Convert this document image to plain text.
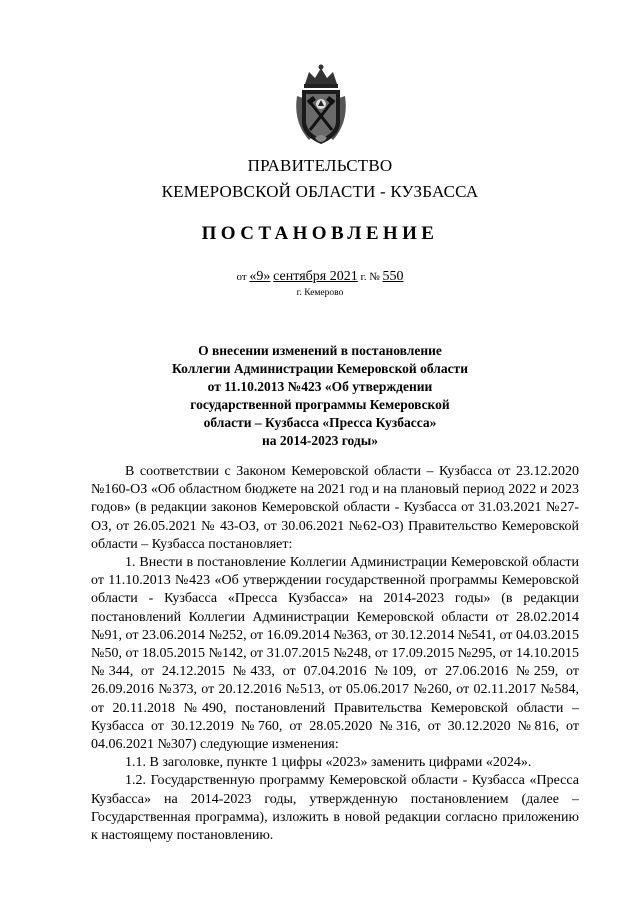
ПРАВИТЕЛЬСТВО
КЕМЕРОВСКОЙ ОБЛАСТИ - КУЗБАССА
ПОСТАНОВЛЕНИЕ
от «9» сентября 2021 г. № 550
г. Кемерово
О внесении изменений в постановление
Коллегии Администрации Кемеровской области
от 11.10.2013 №423 «Об утверждении
государственной программы Кемеровской
области – Кузбасса «Пресса Кузбасса»
на 2014-2023 годы»

В соответствии с Законом Кемеровской области – Кузбасса от 23.12.2020 №160-ОЗ «Об областном бюджете на 2021 год и на плановый период 2022 и 2023 годов» (в редакции законов Кемеровской области - Кузбасса от 31.03.2021 №27-ОЗ, от 26.05.2021 № 43-ОЗ, от 30.06.2021 №62-ОЗ) Правительство Кемеровской области – Кузбасса постановляет:

1. Внести в постановление Коллегии Администрации Кемеровской области от 11.10.2013 №423 «Об утверждении государственной программы Кемеровской области - Кузбасса «Пресса Кузбасса» на 2014-2023 годы» (в редакции постановлений Коллегии Администрации Кемеровской области от 28.02.2014 №91, от 23.06.2014 №252, от 16.09.2014 №363, от 30.12.2014 №541, от 04.03.2015 №50, от 18.05.2015 №142, от 31.07.2015 №248, от 17.09.2015 №295, от 14.10.2015 №344, от 24.12.2015 №433, от 07.04.2016 №109, от 27.06.2016 №259, от 26.09.2016 №373, от 20.12.2016 №513, от 05.06.2017 №260, от 02.11.2017 №584, от 20.11.2018 №490, постановлений Правительства Кемеровской области – Кузбасса от 30.12.2019 №760, от 28.05.2020 №316, от 30.12.2020 №816, от 04.06.2021 №307) следующие изменения:

1.1. В заголовке, пункте 1 цифры «2023» заменить цифрами «2024».

1.2. Государственную программу Кемеровской области - Кузбасса «Пресса Кузбасса» на 2014-2023 годы, утвержденную постановлением (далее – Государственная программа), изложить в новой редакции согласно приложению к настоящему постановлению.
